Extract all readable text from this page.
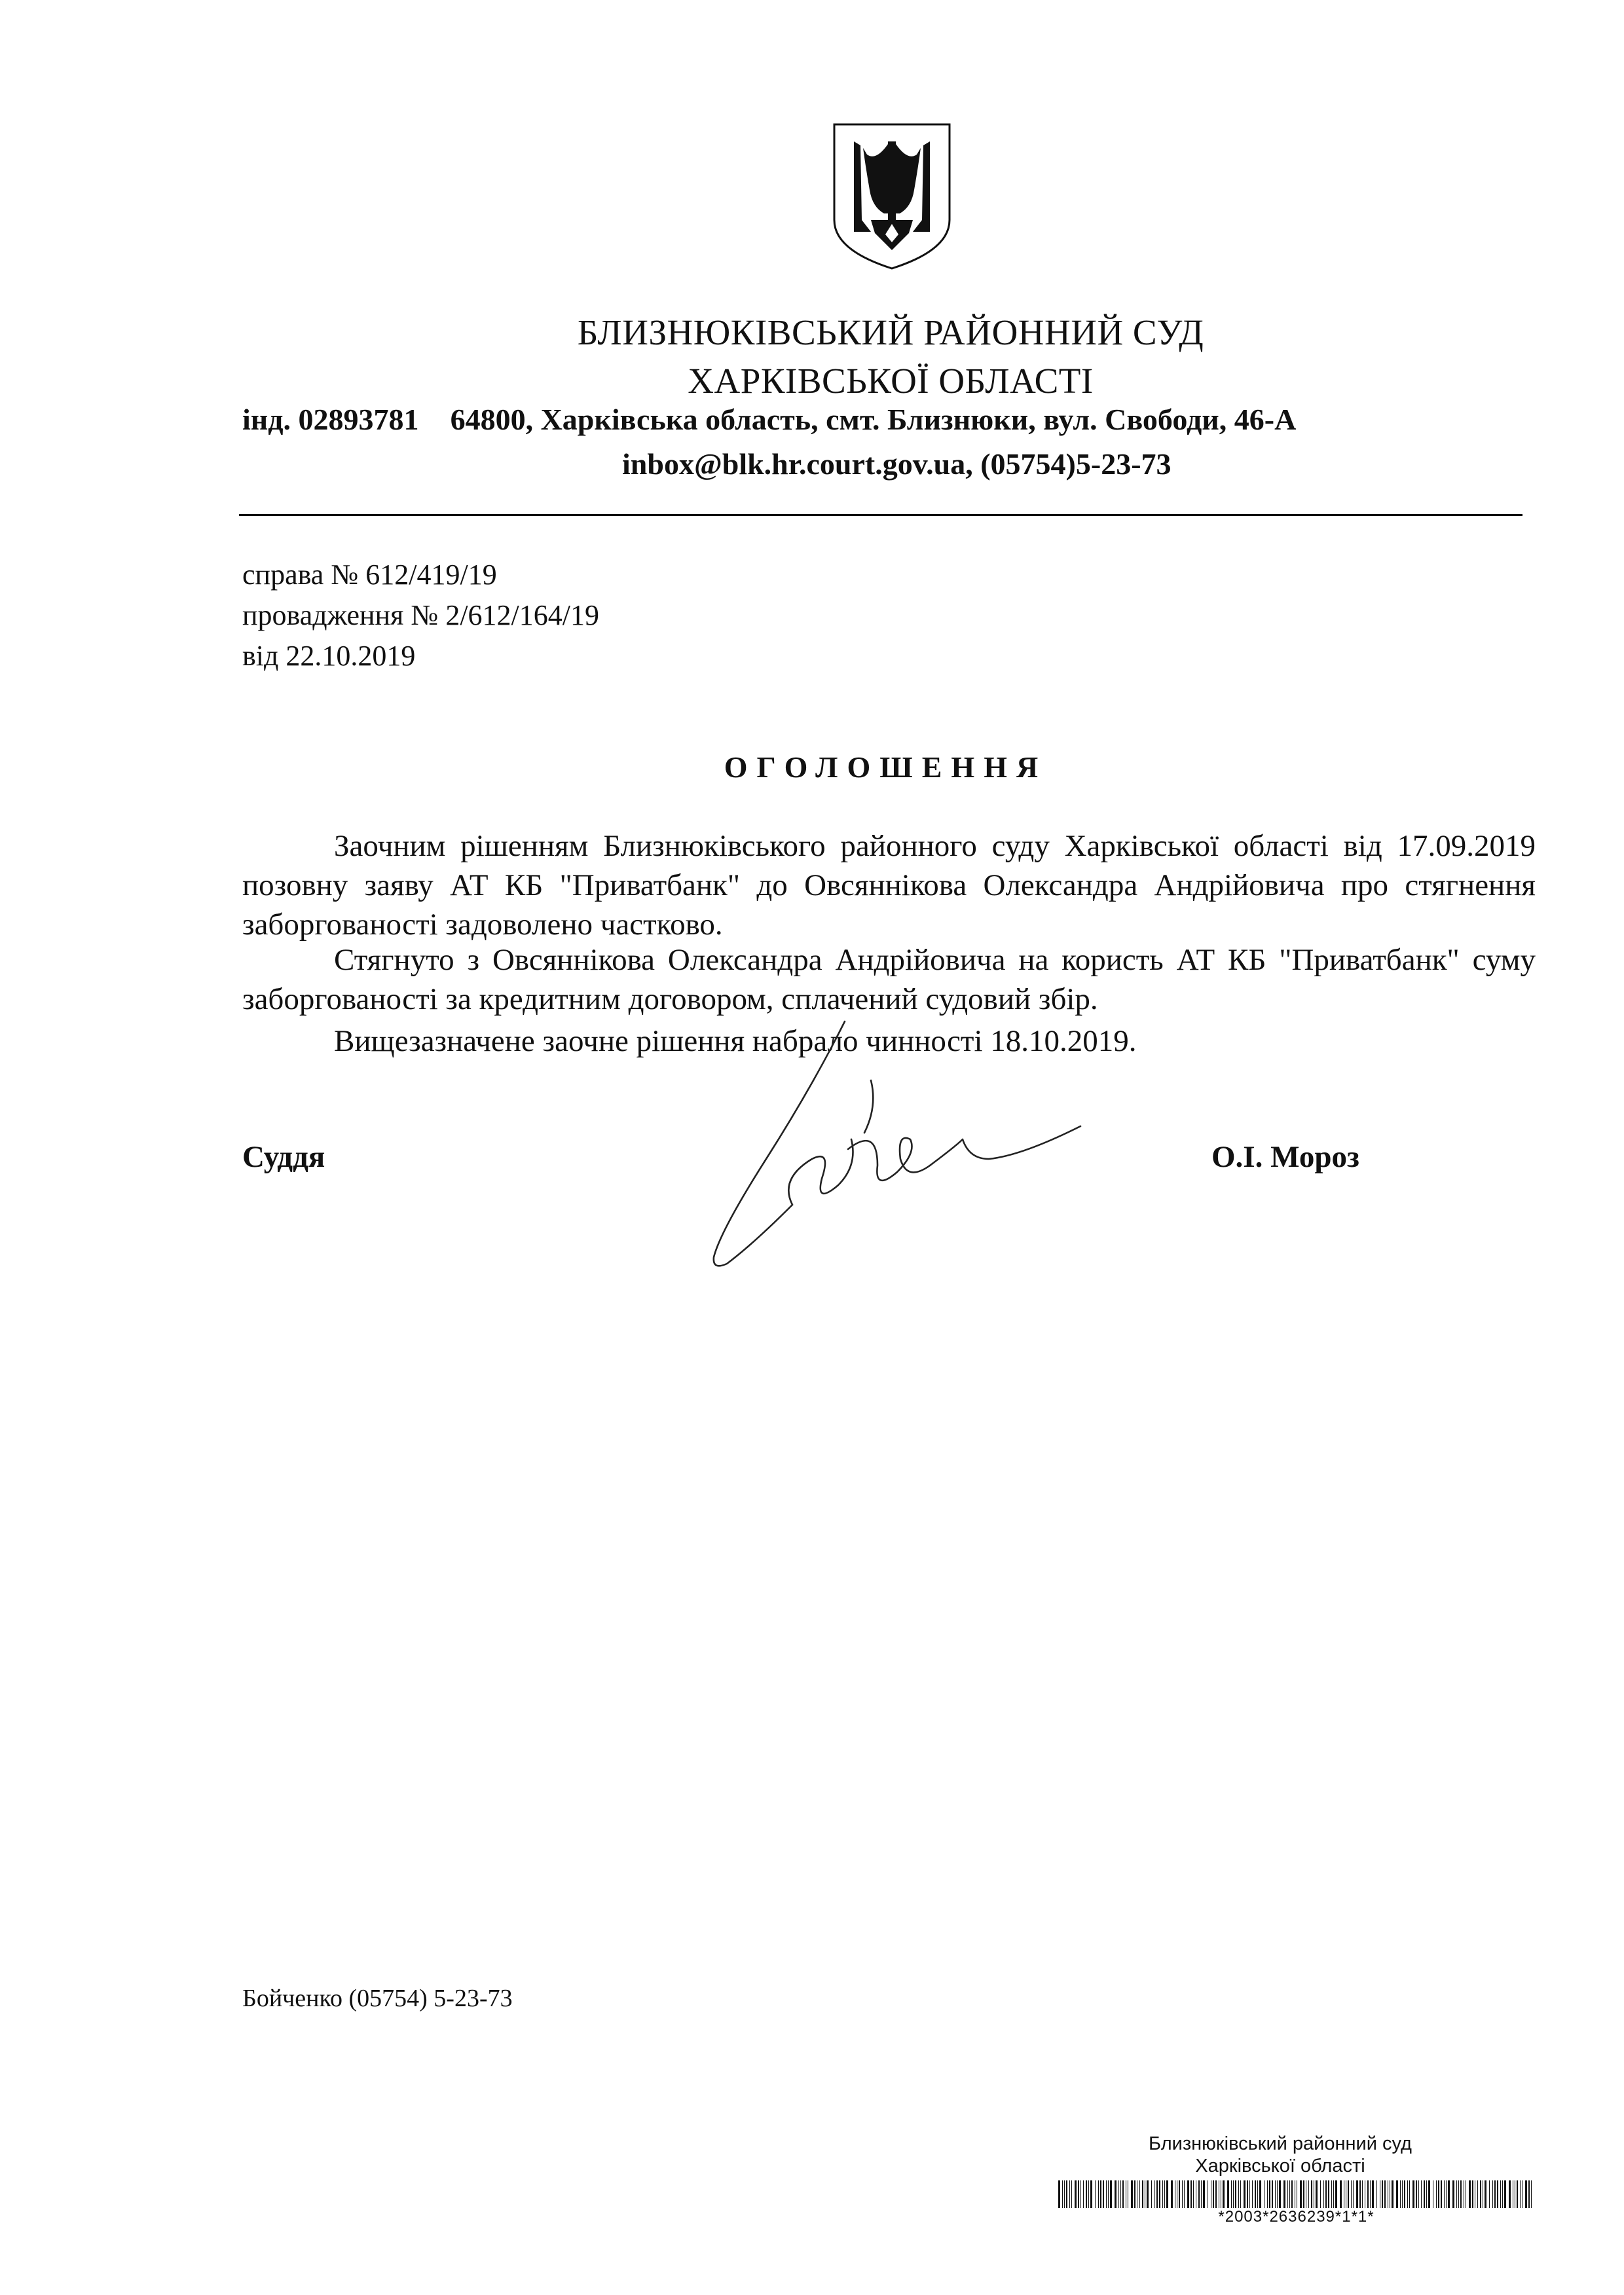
БЛИЗНЮКІВСЬКИЙ РАЙОННИЙ СУД
ХАРКІВСЬКОЇ ОБЛАСТІ
інд. 02893781 64800, Харківська область, смт. Близнюки, вул. Свободи, 46-А
inbox@blk.hr.court.gov.ua, (05754)5-23-73
справа № 612/419/19
провадження № 2/612/164/19
від 22.10.2019
ОГОЛОШЕННЯ
Заочним рішенням Близнюківського районного суду Харківської області від 17.09.2019 позовну заяву АТ КБ "Приватбанк" до Овсяннікова Олександра Андрійовича про стягнення заборгованості задоволено частково.
Стягнуто з Овсяннікова Олександра Андрійовича на користь АТ КБ "Приватбанк" суму заборгованості за кредитним договором, сплачений судовий збір.
Вищезазначене заочне рішення набрало чинності 18.10.2019.
Суддя	О.І. Мороз
Бойченко (05754) 5-23-73
Близнюківський районний суд
Харківської області
*2003*2636239*1*1*
